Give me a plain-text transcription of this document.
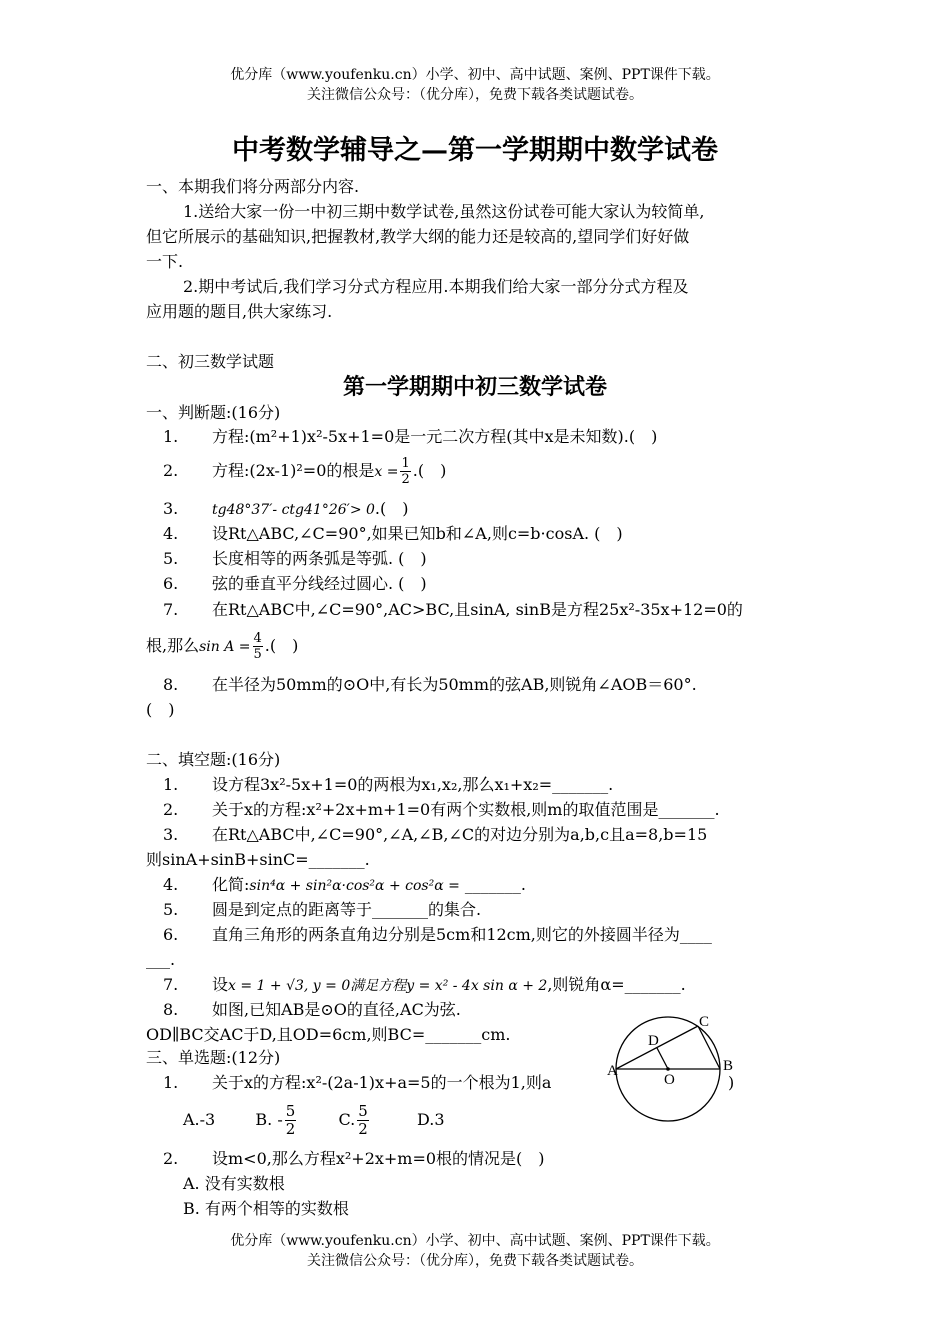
优分库（www.youfenku.cn）小学、初中、高中试题、案例、PPT课件下载。
关注微信公众号：（优分库），免费下载各类试题试卷。
中考数学辅导之—第一学期期中数学试卷
一、本期我们将分两部分内容.
1.送给大家一份一中初三期中数学试卷,虽然这份试卷可能大家认为较简单,
但它所展示的基础知识,把握教材,教学大纲的能力还是较高的,望同学们好好做
一下.
2.期中考试后,我们学习分式方程应用.本期我们给大家一部分分式方程及
应用题的题目,供大家练习.
二、初三数学试题
第一学期期中初三数学试卷
一、判断题:(16分)
1. 方程:(m²+1)x²-5x+1=0是一元二次方程(其中x是未知数).(　)
2. 方程:(2x-1)²=0的根是$x = \frac{1}{2}$ .(　)
3. tg48°37′- ctg41°26′> 0.(　)
4. 设Rt△ABC,∠C=90°,如果已知b和∠A,则c=b·cosA. (　)
5. 长度相等的两条弧是等弧. (　)
6. 弦的垂直平分线经过圆心. (　)
7. 在Rt△ABC中,∠C=90°,AC>BC,且sinA, sinB是方程25x²-35x+12=0的
根,那么$\sin A = \frac{4}{5}$ .(　)
8. 在半径为50mm的⊙O中,有长为50mm的弦AB,则锐角∠AOB＝60°.
(　)
二、填空题:(16分)
1. 设方程3x²-5x+1=0的两根为x₁,x₂,那么x₁+x₂=_______.
2. 关于x的方程:x²+2x+m+1=0有两个实数根,则m的取值范围是_______.
3. 在Rt△ABC中,∠C=90°,∠A,∠B,∠C的对边分别为a,b,c且a=8,b=15
则sinA+sinB+sinC=_______.
4. 化简:sin⁴α + sin²α·cos²α + cos²α = _______.
5. 圆是到定点的距离等于_______的集合.
6. 直角三角形的两条直角边分别是5cm和12cm,则它的外接圆半径为____
___.
7. 设x = 1 + √3, y = 0满足方程y = x² - 4x sin α + 2,则锐角α=_______.
8. 如图,已知AB是⊙O的直径,AC为弦.
OD∥BC交AC于D,且OD=6cm,则BC=_______cm.
三、单选题:(12分)
1. 关于x的方程:x²-(2a-1)x+a=5的一个根为1,则a	)
A.-3	B. - $\frac{5}{2}$	C. $\frac{5}{2}$	D.3
2. 设m<0,那么方程x²+2x+m=0根的情况是(　)
A. 没有实数根
B. 有两个相等的实数根
A	B
C
D
O
优分库（www.youfenku.cn）小学、初中、高中试题、案例、PPT课件下载。
关注微信公众号：（优分库），免费下载各类试题试卷。
